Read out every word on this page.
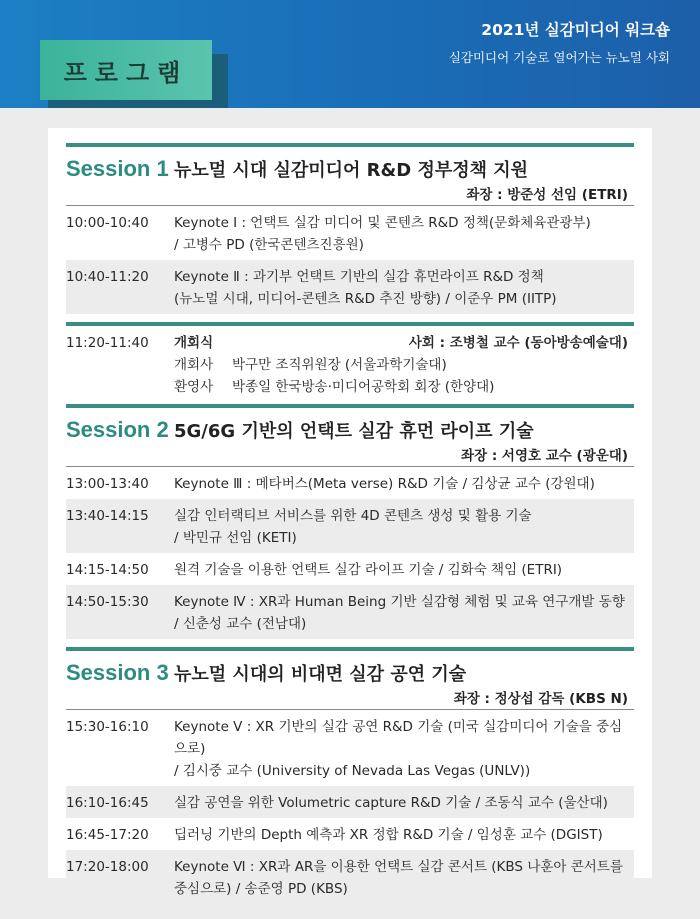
2021년 실감미디어 워크숍
실감미디어 기술로 열어가는 뉴노멀 사회
프로그램
Session 1 뉴노멀 시대 실감미디어 R&D 정부정책 지원
좌장 : 방준성 선임 (ETRI)
10:00-10:40	Keynote Ⅰ : 언택트 실감 미디어 및 콘텐츠 R&D 정책(문화체육관광부)
/ 고병수 PD (한국콘텐츠진흥원)
10:40-11:20	Keynote Ⅱ : 과기부 언택트 기반의 실감 휴먼라이프 R&D 정책
(뉴노멀 시대, 미디어-콘텐츠 R&D 추진 방향) / 이준우 PM (IITP)
11:20-11:40	개회식	사회 : 조병철 교수 (동아방송예술대)
개회사	박구만 조직위원장 (서울과학기술대)
환영사	박종일 한국방송·미디어공학회 회장 (한양대)
Session 2 5G/6G 기반의 언택트 실감 휴먼 라이프 기술
좌장 : 서영호 교수 (광운대)
13:00-13:40	Keynote Ⅲ : 메타버스(Meta verse) R&D 기술 / 김상균 교수 (강원대)
13:40-14:15	실감 인터랙티브 서비스를 위한 4D 콘텐츠 생성 및 활용 기술
/ 박민규 선임 (KETI)
14:15-14:50	원격 기술을 이용한 언택트 실감 라이프 기술 / 김화숙 책임 (ETRI)
14:50-15:30	Keynote Ⅳ : XR과 Human Being 기반 실감형 체험 및 교육 연구개발 동향
/ 신춘성 교수 (전남대)
Session 3 뉴노멀 시대의 비대면 실감 공연 기술
좌장 : 정상섭 감독 (KBS N)
15:30-16:10	Keynote Ⅴ : XR 기반의 실감 공연 R&D 기술 (미국 실감미디어 기술을 중심으로)
/ 김시중 교수 (University of Nevada Las Vegas (UNLV))
16:10-16:45	실감 공연을 위한 Volumetric capture R&D 기술 / 조동식 교수 (울산대)
16:45-17:20	딥러닝 기반의 Depth 예측과 XR 정합 R&D 기술 / 임성훈 교수 (DGIST)
17:20-18:00	Keynote Ⅵ : XR과 AR을 이용한 언택트 실감 콘서트 (KBS 나훈아 콘서트를
중심으로) / 송준영 PD (KBS)
